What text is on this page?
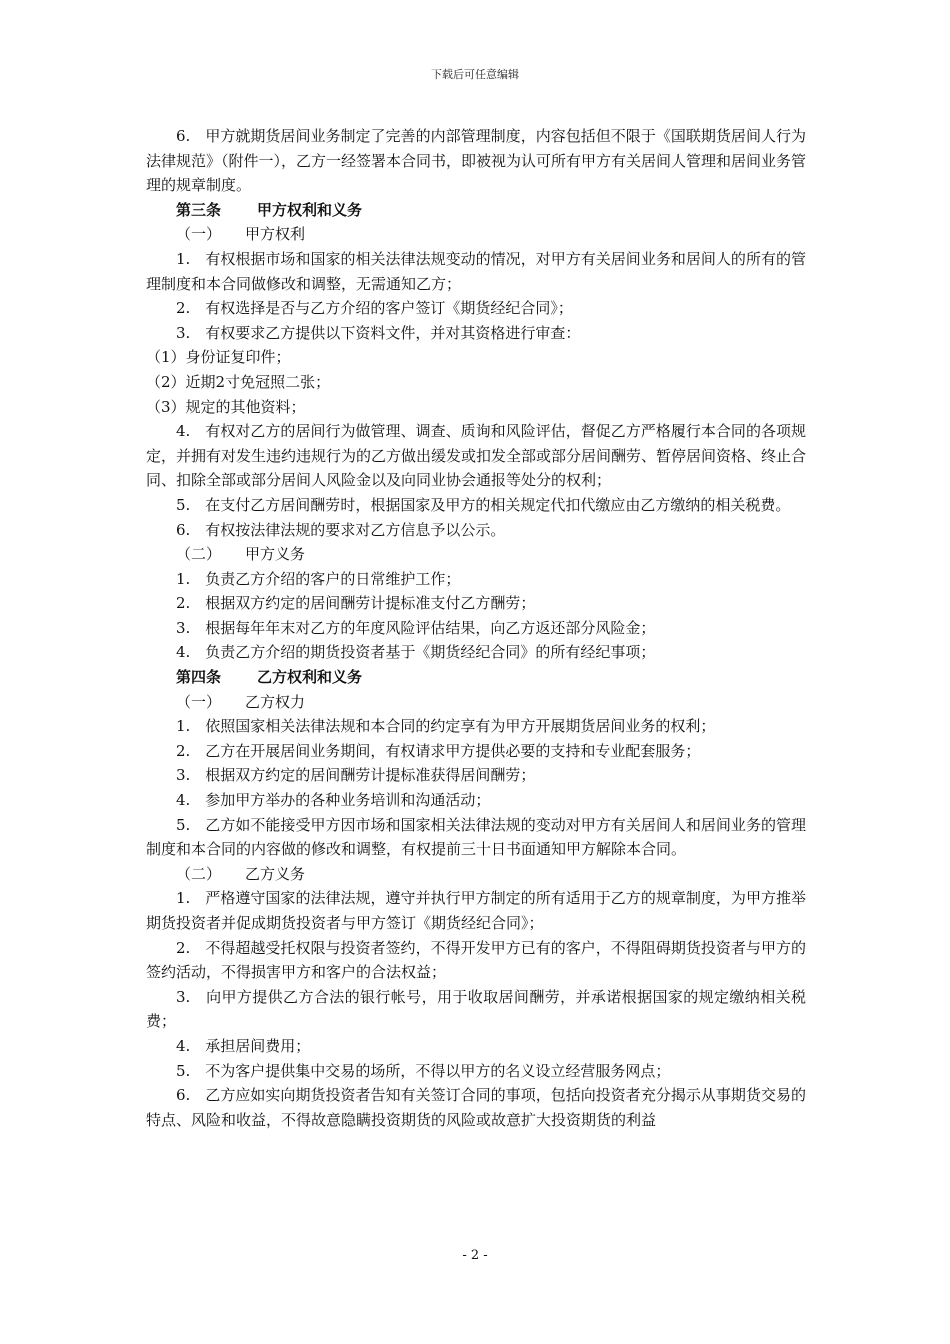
下载后可任意编辑

6.　甲方就期货居间业务制定了完善的内部管理制度，内容包括但不限于《国联期货居间人行为法律规范》（附件一），乙方一经签署本合同书，即被视为认可所有甲方有关居间人管理和居间业务管理的规章制度。

第三条 甲方权利和义务

（一） 甲方权利

1.　有权根据市场和国家的相关法律法规变动的情况，对甲方有关居间业务和居间人的所有的管理制度和本合同做修改和调整，无需通知乙方；

2.　有权选择是否与乙方介绍的客户签订《期货经纪合同》；

3.　有权要求乙方提供以下资料文件，并对其资格进行审查：

（1）身份证复印件；

（2）近期2寸免冠照二张；

（3）规定的其他资料；

4.　有权对乙方的居间行为做管理、调查、质询和风险评估，督促乙方严格履行本合同的各项规定，并拥有对发生违约违规行为的乙方做出缓发或扣发全部或部分居间酬劳、暂停居间资格、终止合同、扣除全部或部分居间人风险金以及向同业协会通报等处分的权利；

5.　在支付乙方居间酬劳时，根据国家及甲方的相关规定代扣代缴应由乙方缴纳的相关税费。

6.　有权按法律法规的要求对乙方信息予以公示。

（二） 甲方义务

1.　负责乙方介绍的客户的日常维护工作；

2.　根据双方约定的居间酬劳计提标准支付乙方酬劳；

3.　根据每年年末对乙方的年度风险评估结果，向乙方返还部分风险金；

4.　负责乙方介绍的期货投资者基于《期货经纪合同》的所有经纪事项；

第四条 乙方权利和义务

（一） 乙方权力

1.　依照国家相关法律法规和本合同的约定享有为甲方开展期货居间业务的权利；

2.　乙方在开展居间业务期间，有权请求甲方提供必要的支持和专业配套服务；

3.　根据双方约定的居间酬劳计提标准获得居间酬劳；

4.　参加甲方举办的各种业务培训和沟通活动；

5.　乙方如不能接受甲方因市场和国家相关法律法规的变动对甲方有关居间人和居间业务的管理制度和本合同的内容做的修改和调整，有权提前三十日书面通知甲方解除本合同。

（二） 乙方义务

1.　严格遵守国家的法律法规，遵守并执行甲方制定的所有适用于乙方的规章制度，为甲方推举期货投资者并促成期货投资者与甲方签订《期货经纪合同》；

2.　不得超越受托权限与投资者签约，不得开发甲方已有的客户，不得阻碍期货投资者与甲方的签约活动，不得损害甲方和客户的合法权益；

3.　向甲方提供乙方合法的银行帐号，用于收取居间酬劳，并承诺根据国家的规定缴纳相关税费；

4.　承担居间费用；

5.　不为客户提供集中交易的场所，不得以甲方的名义设立经营服务网点；

6.　乙方应如实向期货投资者告知有关签订合同的事项，包括向投资者充分揭示从事期货交易的特点、风险和收益，不得故意隐瞒投资期货的风险或故意扩大投资期货的利益

- 2 -
